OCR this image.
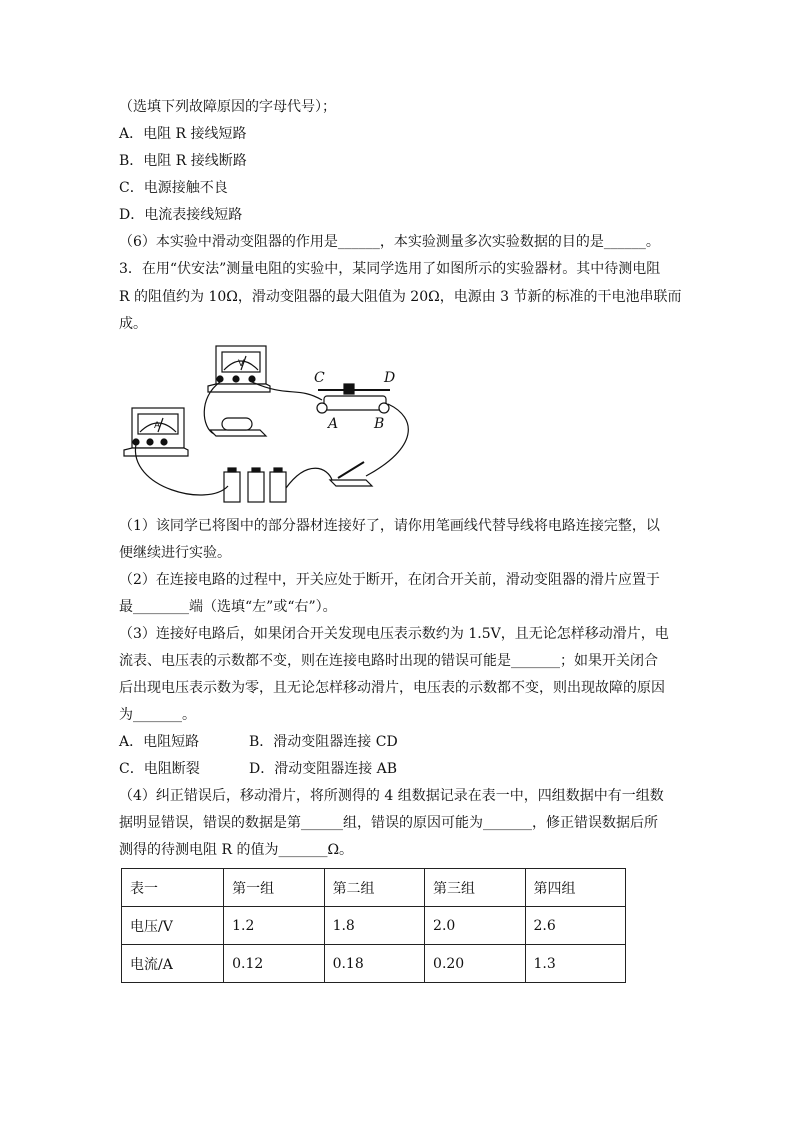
（选填下列故障原因的字母代号）；
A．电阻 R 接线短路
B．电阻 R 接线断路
C．电源接触不良
D．电流表接线短路
（6）本实验中滑动变阻器的作用是______，本实验测量多次实验数据的目的是______。
3．在用“伏安法”测量电阻的实验中，某同学选用了如图所示的实验器材。其中待测电阻
R 的阻值约为 10Ω，滑动变阻器的最大阻值为 20Ω，电源由 3 节新的标准的干电池串联而
成。
C	D
A	B
V
A
（1）该同学已将图中的部分器材连接好了，请你用笔画线代替导线将电路连接完整，以
便继续进行实验。
（2）在连接电路的过程中，开关应处于断开，在闭合开关前，滑动变阻器的滑片应置于
最________端（选填“左”或“右”）。
（3）连接好电路后，如果闭合开关发现电压表示数约为 1.5V，且无论怎样移动滑片，电
流表、电压表的示数都不变，则在连接电路时出现的错误可能是_______；如果开关闭合
后出现电压表示数为零，且无论怎样移动滑片，电压表的示数都不变，则出现故障的原因
为_______。
A．电阻短路	B．滑动变阻器连接 CD
C．电阻断裂	D．滑动变阻器连接 AB
（4）纠正错误后，移动滑片，将所测得的 4 组数据记录在表一中，四组数据中有一组数
据明显错误，错误的数据是第______组，错误的原因可能为_______，修正错误数据后所
测得的待测电阻 R 的值为_______Ω。
表一	第一组	第二组	第三组	第四组
电压/V	1.2	1.8	2.0	2.6
电流/A	0.12	0.18	0.20	1.3
